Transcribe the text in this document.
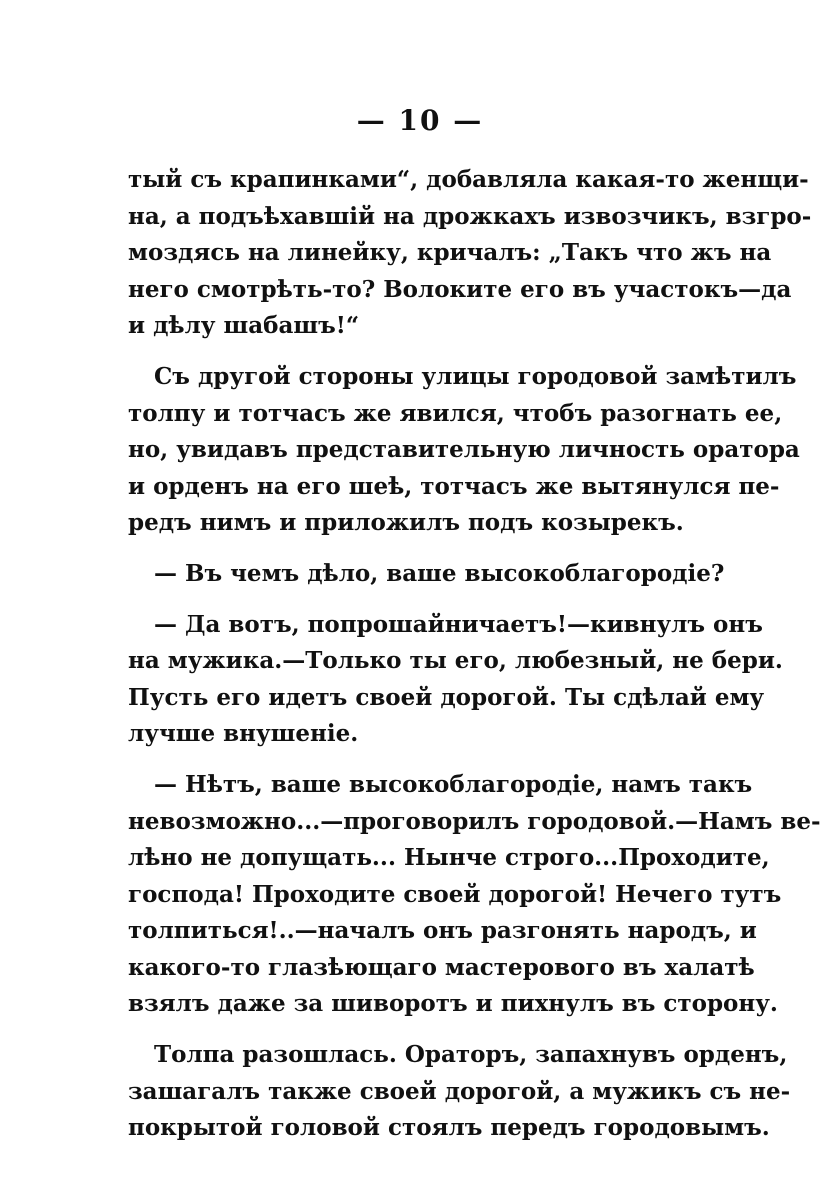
— 10 —
тый съ крапинками“, добавляла какая-то женщи-
на, а подъѣхавшій на дрожкахъ извозчикъ, взгро-
моздясь на линейку, кричалъ: „Такъ что жъ на
него смотрѣть-то? Волоките его въ участокъ—да
и дѣлу шабашъ!“
Съ другой стороны улицы городовой замѣтилъ
толпу и тотчасъ же явился, чтобъ разогнать ее,
но, увидавъ представительную личность оратора
и орденъ на его шеѣ, тотчасъ же вытянулся пе-
редъ нимъ и приложилъ подъ козырекъ.
— Въ чемъ дѣло, ваше высокоблагородіе?
— Да вотъ, попрошайничаетъ!—кивнулъ онъ
на мужика.—Только ты его, любезный, не бери.
Пусть его идетъ своей дорогой. Ты сдѣлай ему
лучше внушеніе.
— Нѣтъ, ваше высокоблагородіе, намъ такъ
невозможно...—проговорилъ городовой.—Намъ ве-
лѣно не допущать... Нынче строго...Проходите,
господа! Проходите своей дорогой! Нечего тутъ
толпиться!..—началъ онъ разгонять народъ, и
какого-то глазѣющаго мастерового въ халатѣ
взялъ даже за шиворотъ и пихнулъ въ сторону.
Толпа разошлась. Ораторъ, запахнувъ орденъ,
зашагалъ также своей дорогой, а мужикъ съ не-
покрытой головой стоялъ передъ городовымъ.
